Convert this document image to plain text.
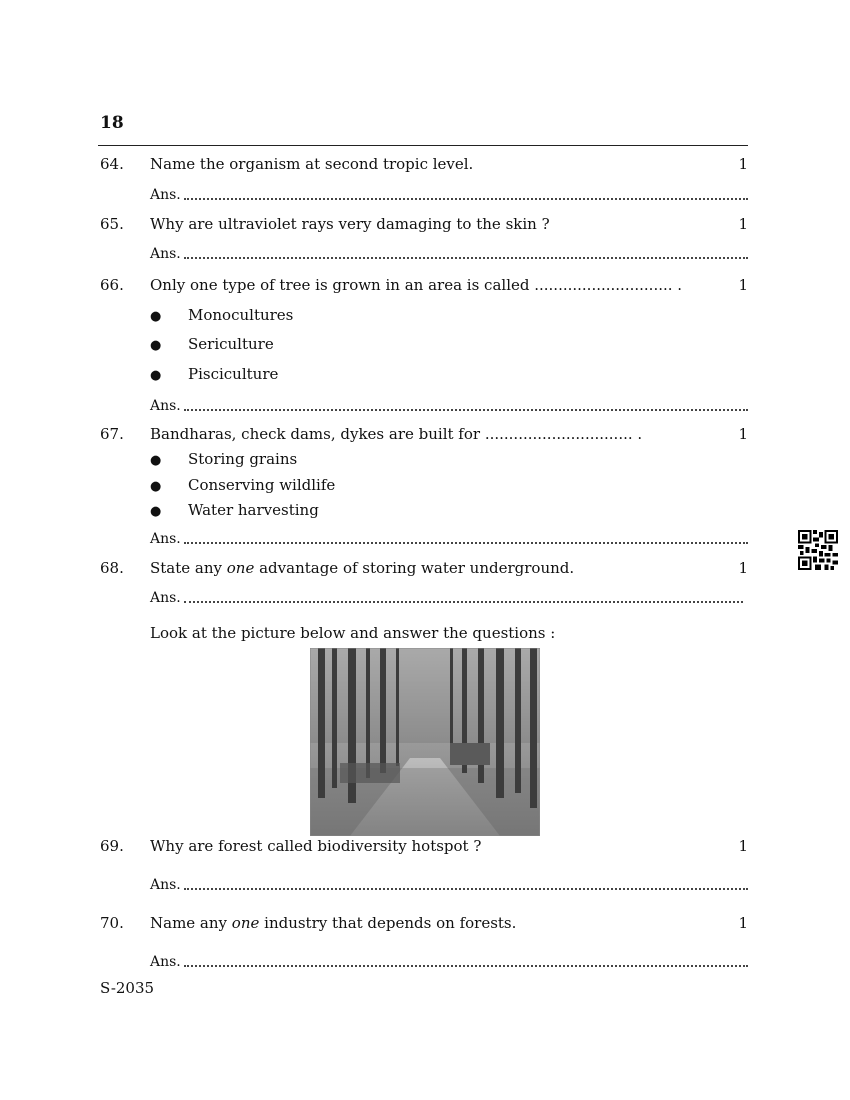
18
64. Name the organism at second tropic level.	1
Ans.
65. Why are ultraviolet rays very damaging to the skin ?	1
Ans.
66. Only one type of tree is grown in an area is called ............................. .	1
● Monocultures
● Sericulture
● Pisciculture
Ans.
67. Bandharas, check dams, dykes are built for ............................... .	1
● Storing grains
● Conserving wildlife
● Water harvesting
Ans.
68. State any one advantage of storing water underground.	1
Ans.
Look at the picture below and answer the questions :
69. Why are forest called biodiversity hotspot ?	1
Ans.
70. Name any one industry that depends on forests.	1
Ans.
S-2035
